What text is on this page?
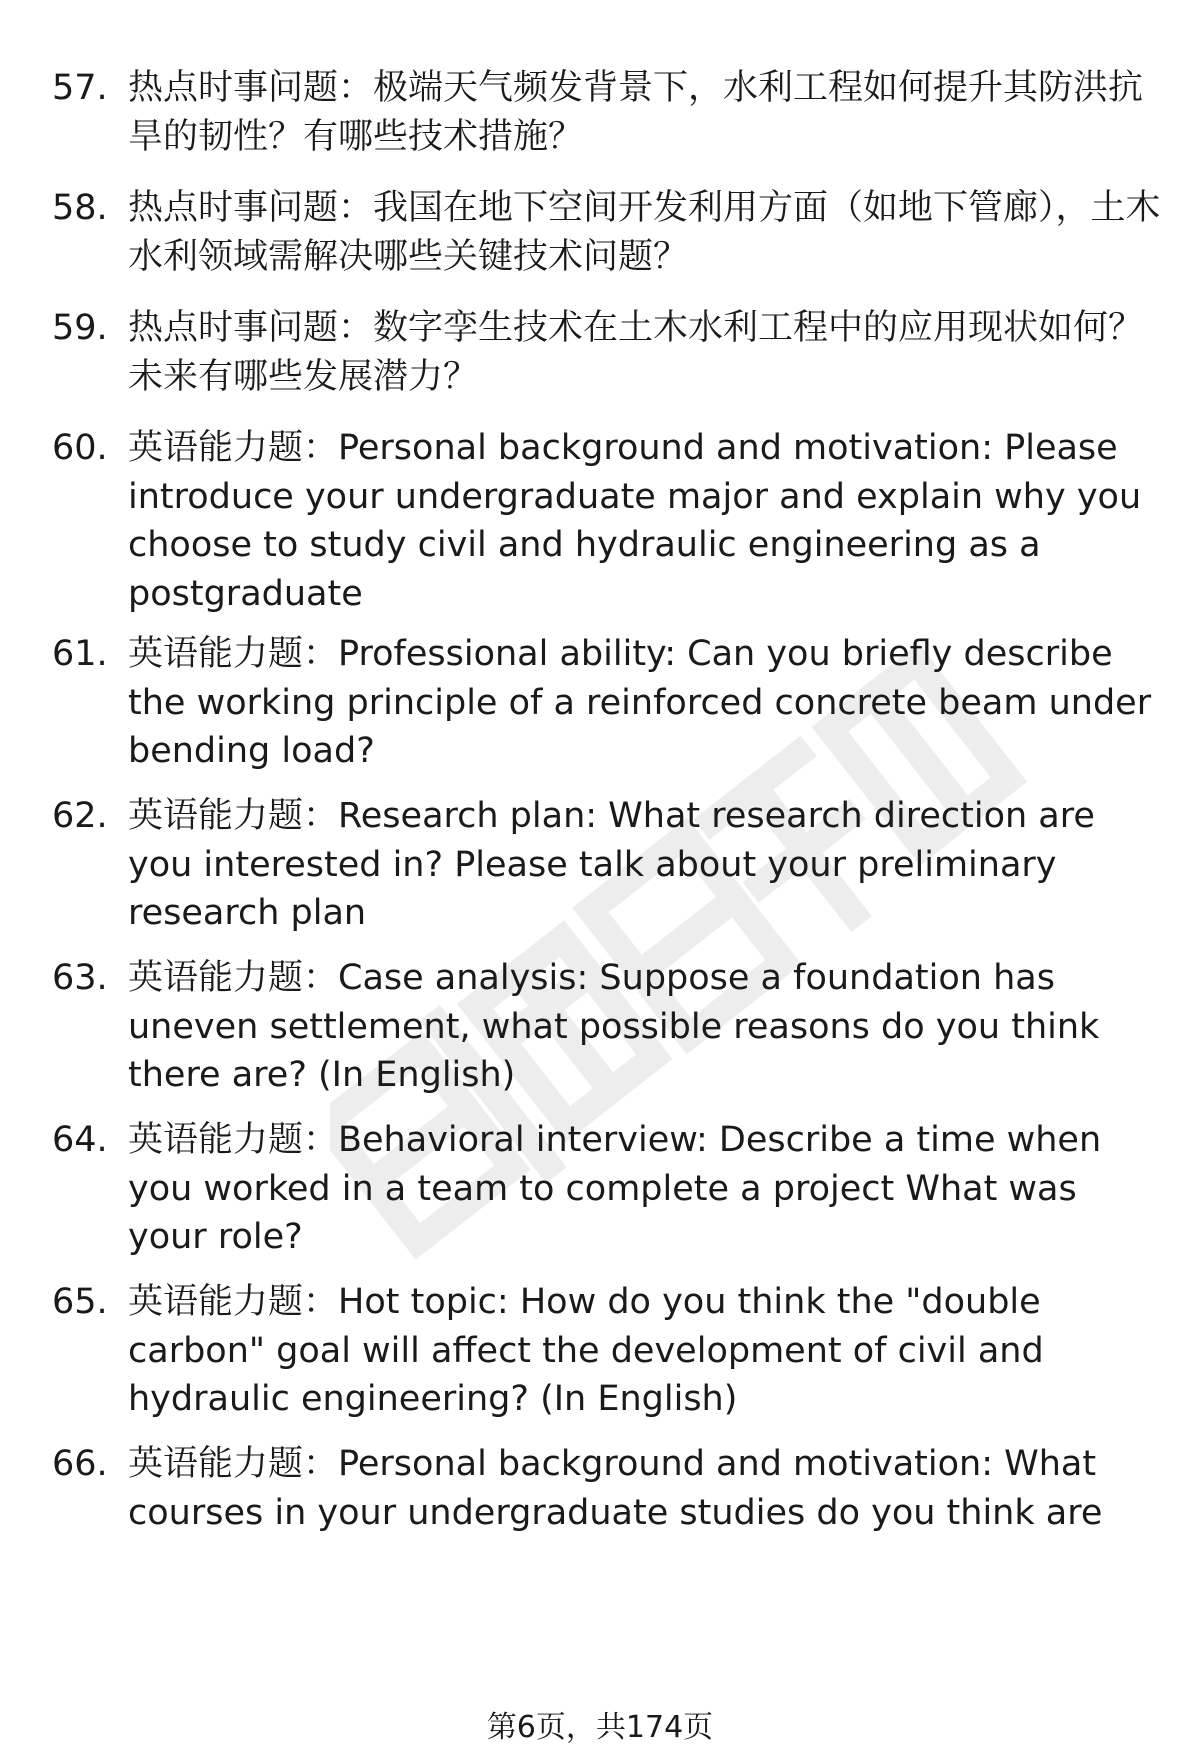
57. 热点时事问题：极端天气频发背景下，水利工程如何提升其防洪抗旱的韧性？有哪些技术措施？

58. 热点时事问题：我国在地下空间开发利用方面（如地下管廊），土木水利领域需解决哪些关键技术问题？

59. 热点时事问题：数字孪生技术在土木水利工程中的应用现状如何？未来有哪些发展潜力？

60. 英语能力题：Personal background and motivation: Please introduce your undergraduate major and explain why you choose to study civil and hydraulic engineering as a postgraduate

61. 英语能力题：Professional ability: Can you briefly describe the working principle of a reinforced concrete beam under bending load?

62. 英语能力题：Research plan: What research direction are you interested in? Please talk about your preliminary research plan

63. 英语能力题：Case analysis: Suppose a foundation has uneven settlement, what possible reasons do you think there are? (In English)

64. 英语能力题：Behavioral interview: Describe a time when you worked in a team to complete a project What was your role?

65. 英语能力题：Hot topic: How do you think the "double carbon" goal will affect the development of civil and hydraulic engineering? (In English)

66. 英语能力题：Personal background and motivation: What courses in your undergraduate studies do you think are

第6页，共174页
